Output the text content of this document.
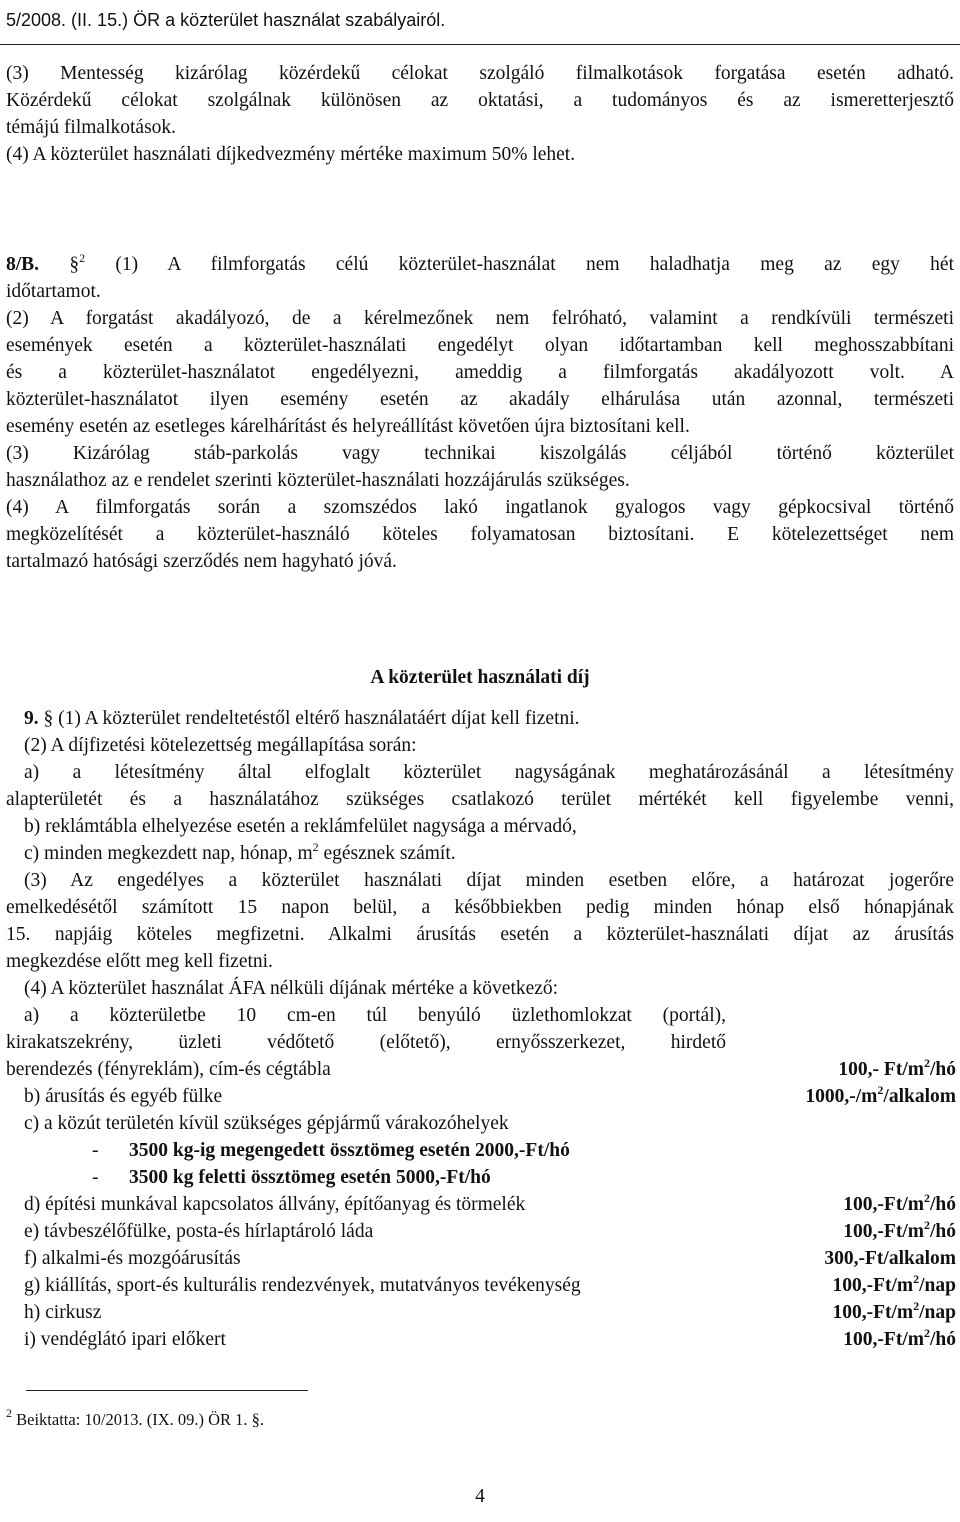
5/2008. (II. 15.) ÖR a közterület használat szabályairól.
(3) Mentesség kizárólag közérdekű célokat szolgáló filmalkotások forgatása esetén adható.
Közérdekű célokat szolgálnak különösen az oktatási, a tudományos és az ismeretterjesztő
témájú filmalkotások.
(4) A közterület használati díjkedvezmény mértéke maximum 50% lehet.
8/B. §$^2$ (1) A filmforgatás célú közterület-használat nem haladhatja meg az egy hét
időtartamot.
(2) A forgatást akadályozó, de a kérelmezőnek nem felróható, valamint a rendkívüli természeti
események esetén a közterület-használati engedélyt olyan időtartamban kell meghosszabbítani
és a közterület-használatot engedélyezni, ameddig a filmforgatás akadályozott volt. A
közterület-használatot ilyen esemény esetén az akadály elhárulása után azonnal, természeti
esemény esetén az esetleges kárelhárítást és helyreállítást követően újra biztosítani kell.
(3) Kizárólag stáb-parkolás vagy technikai kiszolgálás céljából történő közterület
használathoz az e rendelet szerinti közterület-használati hozzájárulás szükséges.
(4) A filmforgatás során a szomszédos lakó ingatlanok gyalogos vagy gépkocsival történő
megközelítését a közterület-használó köteles folyamatosan biztosítani. E kötelezettséget nem
tartalmazó hatósági szerződés nem hagyható jóvá.
A közterület használati díj
9. § (1) A közterület rendeltetéstől eltérő használatáért díjat kell fizetni.
(2) A díjfizetési kötelezettség megállapítása során:
a) a létesítmény által elfoglalt közterület nagyságának meghatározásánál a létesítmény
alapterületét és a használatához szükséges csatlakozó terület mértékét kell figyelembe venni,
b) reklámtábla elhelyezése esetén a reklámfelület nagysága a mérvadó,
c) minden megkezdett nap, hónap, $m^2$ egésznek számít.
(3) Az engedélyes a közterület használati díjat minden esetben előre, a határozat jogerőre
emelkedésétől számított 15 napon belül, a későbbiekben pedig minden hónap első hónapjának
15. napjáig köteles megfizetni. Alkalmi árusítás esetén a közterület-használati díjat az árusítás
megkezdése előtt meg kell fizetni.
(4) A közterület használat ÁFA nélküli díjának mértéke a következő:
a) a közterületbe 10 cm-en túl benyúló üzlethomlokzat (portál),
kirakatszekrény, üzleti védőtető (előtető), ernyősszerkezet, hirdető
berendezés (fényreklám), cím-és cégtábla	100,- $Ft/m^2/hó$
b) árusítás és egyéb fülke	$1000,-/m^2$/alkalom
c) a közút területén kívül szükséges gépjármű várakozóhelyek
- 3500 kg-ig megengedett össztömeg esetén 2000,-Ft/hó
- 3500 kg feletti össztömeg esetén 5000,-Ft/hó
d) építési munkával kapcsolatos állvány, építőanyag és törmelék	$100,-Ft/m^2/hó$
e) távbeszélőfülke, posta-és hírlaptároló láda	$100,-Ft/m^2/hó$
f) alkalmi-és mozgóárusítás	300,-Ft/alkalom
g) kiállítás, sport-és kulturális rendezvények, mutatványos tevékenység	$100,-Ft/m^2$/nap
h) cirkusz	$100,-Ft/m^2$/nap
i) vendéglátó ipari előkert	$100,-Ft/m^2/hó$
$^2$ Beiktatta: 10/2013. (IX. 09.) ÖR 1. §.
4
